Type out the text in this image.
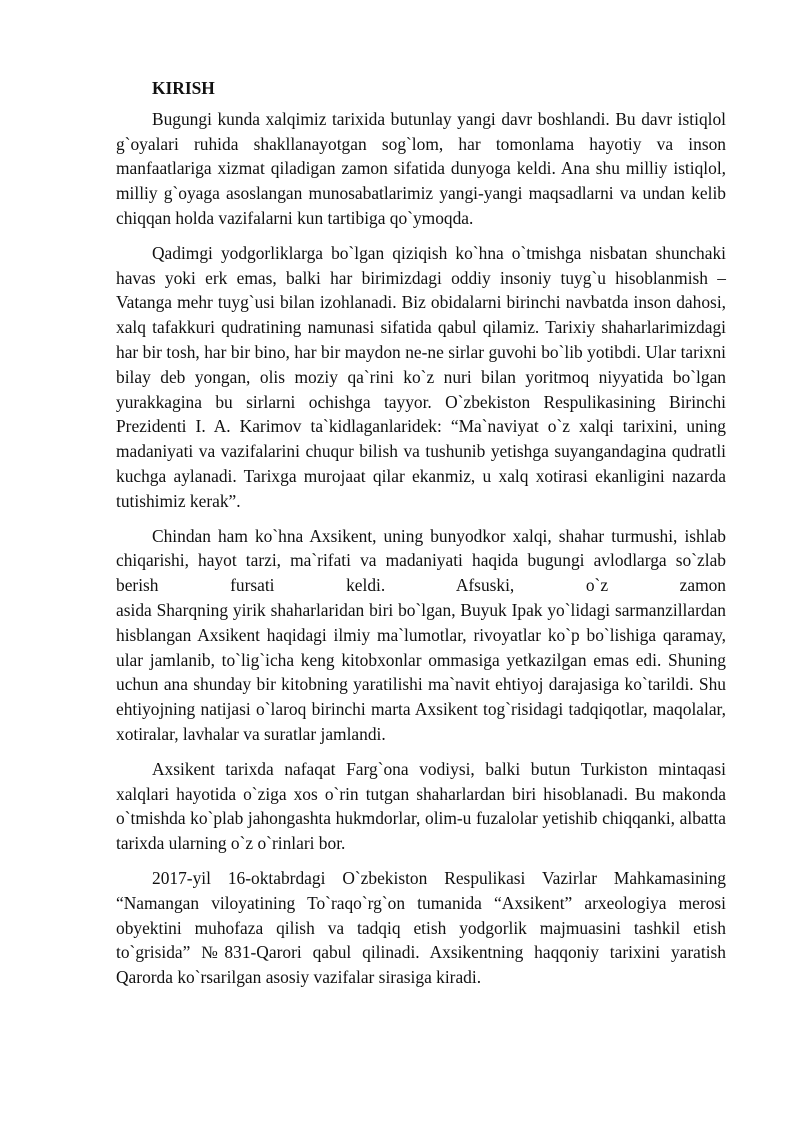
KIRISH

Bugungi kunda xalqimiz tarixida butunlay yangi davr boshlandi. Bu davr istiqlol g`oyalari ruhida shakllanayotgan sog`lom, har tomonlama hayotiy va inson manfaatlariga xizmat qiladigan zamon sifatida dunyoga keldi. Ana shu milliy istiqlol, milliy g`oyaga asoslangan munosabatlarimiz yangi-yangi maqsadlarni va undan kelib chiqqan holda vazifalarni kun tartibiga qo`ymoqda.

Qadimgi yodgorliklarga bo`lgan qiziqish ko`hna o`tmishga nisbatan shunchaki havas yoki erk emas, balki har birimizdagi oddiy insoniy tuyg`u hisoblanmish – Vatanga mehr tuyg`usi bilan izohlanadi. Biz obidalarni birinchi navbatda inson dahosi, xalq tafakkuri qudratining namunasi sifatida qabul qilamiz. Tarixiy shaharlarimizdagi har bir tosh, har bir bino, har bir maydon ne-ne sirlar guvohi bo`lib yotibdi. Ular tarixni bilay deb yongan, olis moziy qa`rini ko`z nuri bilan yoritmoq niyyatida bo`lgan yurakkagina bu sirlarni ochishga tayyor. O`zbekiston Respulikasining Birinchi Prezidenti I. A. Karimov ta`kidlaganlaridek: “Ma`naviyat o`z xalqi tarixini, uning madaniyati va vazifalarini chuqur bilish va tushunib yetishga suyangandagina qudratli kuchga aylanadi. Tarixga murojaat qilar ekanmiz, u xalq xotirasi ekanligini nazarda tutishimiz kerak”.

Chindan ham ko`hna Axsikent, uning bunyodkor xalqi, shahar turmushi, ishlab chiqarishi, hayot tarzi, ma`rifati va madaniyati haqida bugungi avlodlarga so`zlab berish fursati keldi. Afsuski, o`z zamon

asida Sharqning yirik shaharlaridan biri bo`lgan, Buyuk Ipak yo`lidagi sarmanzillardan hisblangan Axsikent haqidagi ilmiy ma`lumotlar, rivoyatlar ko`p bo`lishiga qaramay, ular jamlanib, to`lig`icha keng kitobxonlar ommasiga yetkazilgan emas edi. Shuning uchun ana shunday bir kitobning yaratilishi ma`navit ehtiyoj darajasiga ko`tarildi. Shu ehtiyojning natijasi o`laroq birinchi marta Axsikent tog`risidagi tadqiqotlar, maqolalar, xotiralar, lavhalar va suratlar jamlandi.

Axsikent tarixda nafaqat Farg`ona vodiysi, balki butun Turkiston mintaqasi xalqlari hayotida o`ziga xos o`rin tutgan shaharlardan biri hisoblanadi. Bu makonda o`tmishda ko`plab jahongashta hukmdorlar, olim-u fuzalolar yetishib chiqqanki, albatta tarixda ularning o`z o`rinlari bor.

2017-yil 16-oktabrdagi O`zbekiston Respulikasi Vazirlar Mahkamasining “Namangan viloyatining To`raqo`rg`on tumanida “Axsikent” arxeologiya merosi obyektini muhofaza qilish va tadqiq etish yodgorlik majmuasini tashkil etish to`grisida” №831-Qarori qabul qilinadi. Axsikentning haqqoniy tarixini yaratish Qarorda ko`rsarilgan asosiy vazifalar sirasiga kiradi.
